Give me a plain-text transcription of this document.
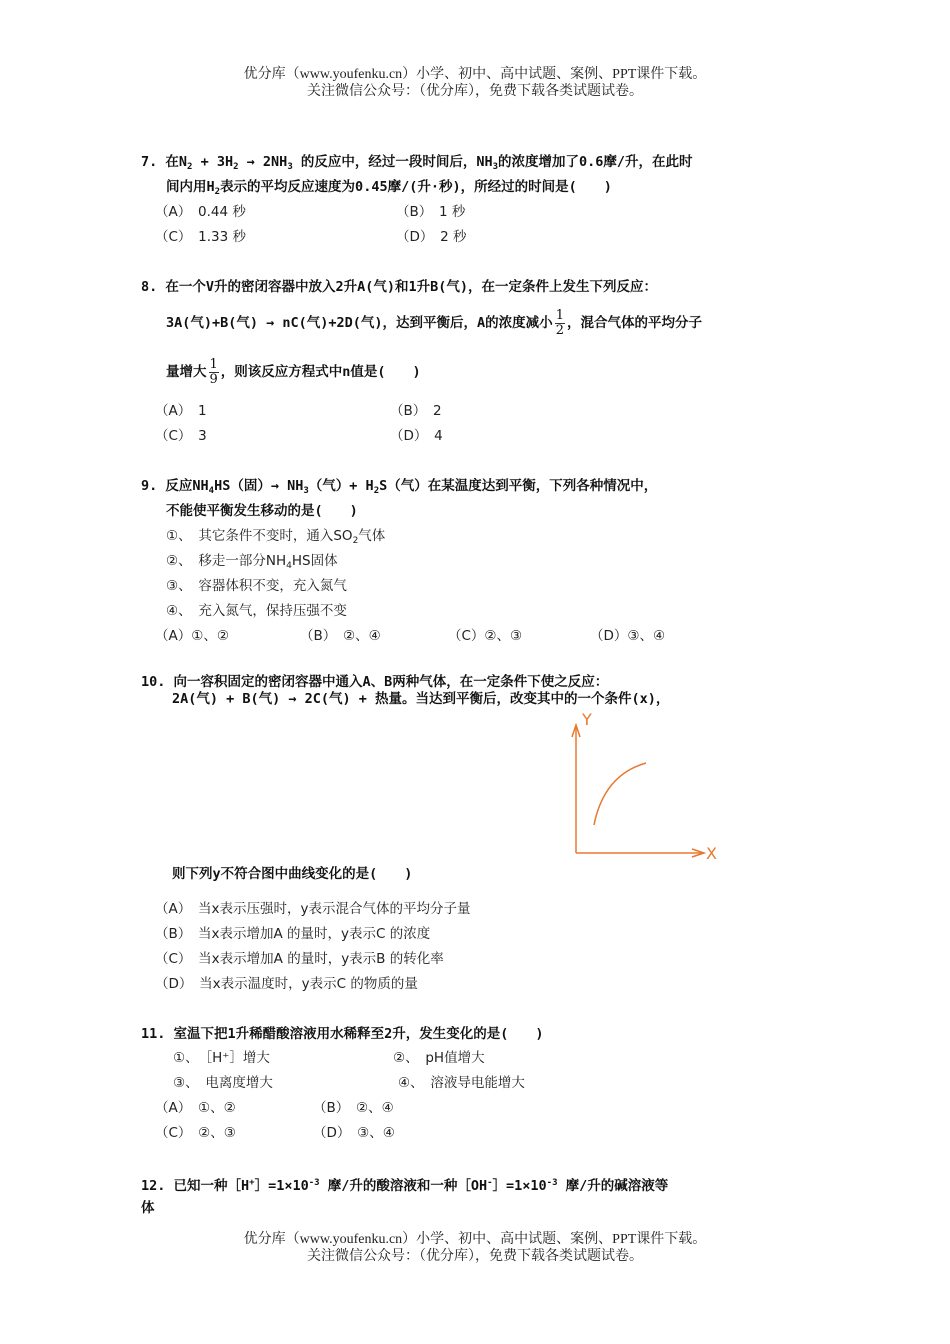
优分库（www.youfenku.cn）小学、初中、高中试题、案例、PPT课件下载。
关注微信公众号：（优分库），免费下载各类试题试卷。
7. 在$N_2 + 3H_2 \to 2NH_3$ 的反应中，经过一段时间后，$NH_3$的浓度增加了0.6摩/升，在此时
间内用$H_2$表示的平均反应速度为0.45摩/(升·秒)，所经过的时间是(　　)
（A）　0.44 秒	（B）　1 秒
（C）　1.33 秒	（D）　2 秒
8. 在一个V升的密闭容器中放入2升A(气)和1升B(气)，在一定条件上发生下列反应：
3A(气)+B(气) → nC(气)+2D(气)，达到平衡后，A的浓度减小 $\frac{1}{2}$ ，混合气体的平均分子
量增大 $\frac{1}{9}$ ，则该反应方程式中n值是(　　)
（A）　1	（B）　2
（C）　3	（D）　4
9. 反应$NH_4HS$（固）→ $NH_3$（气）+ $H_2S$（气）在某温度达到平衡，下列各种情况中，
不能使平衡发生移动的是(　　)
①、　其它条件不变时，通入$SO_2$气体
②、　移走一部分$NH_4HS$固体
③、　容器体积不变，充入氮气
④、　充入氮气，保持压强不变
（A）①、②	（B）　②、④	（C）②、③	（D）③、④
10. 向一容积固定的密闭容器中通入A、B两种气体，在一定条件下使之反应：
2A(气) + B(气) → 2C(气) + 热量。当达到平衡后，改变其中的一个条件(x)，
Y
X
则下列y不符合图中曲线变化的是(　　)
（A）　当x表示压强时，y表示混合气体的平均分子量
（B）　当x表示增加A 的量时，y表示C 的浓度
（C）　当x表示增加A 的量时，y表示B 的转化率
（D）　当x表示温度时，y表示C 的物质的量
11. 室温下把1升稀醋酸溶液用水稀释至2升，发生变化的是(　　)
①、　［H⁺］增大	②、　pH值增大
③、　电离度增大	④、　溶液导电能增大
（A）　①、②	（B）　②、④
（C）　②、③	（D）　③、④
12. 已知一种$[H^+]=1\times 10^{-3}$ 摩/升的酸溶液和一种$[OH^-]=1\times 10^{-3}$ 摩/升的碱溶液等
体
优分库（www.youfenku.cn）小学、初中、高中试题、案例、PPT课件下载。
关注微信公众号：（优分库），免费下载各类试题试卷。
